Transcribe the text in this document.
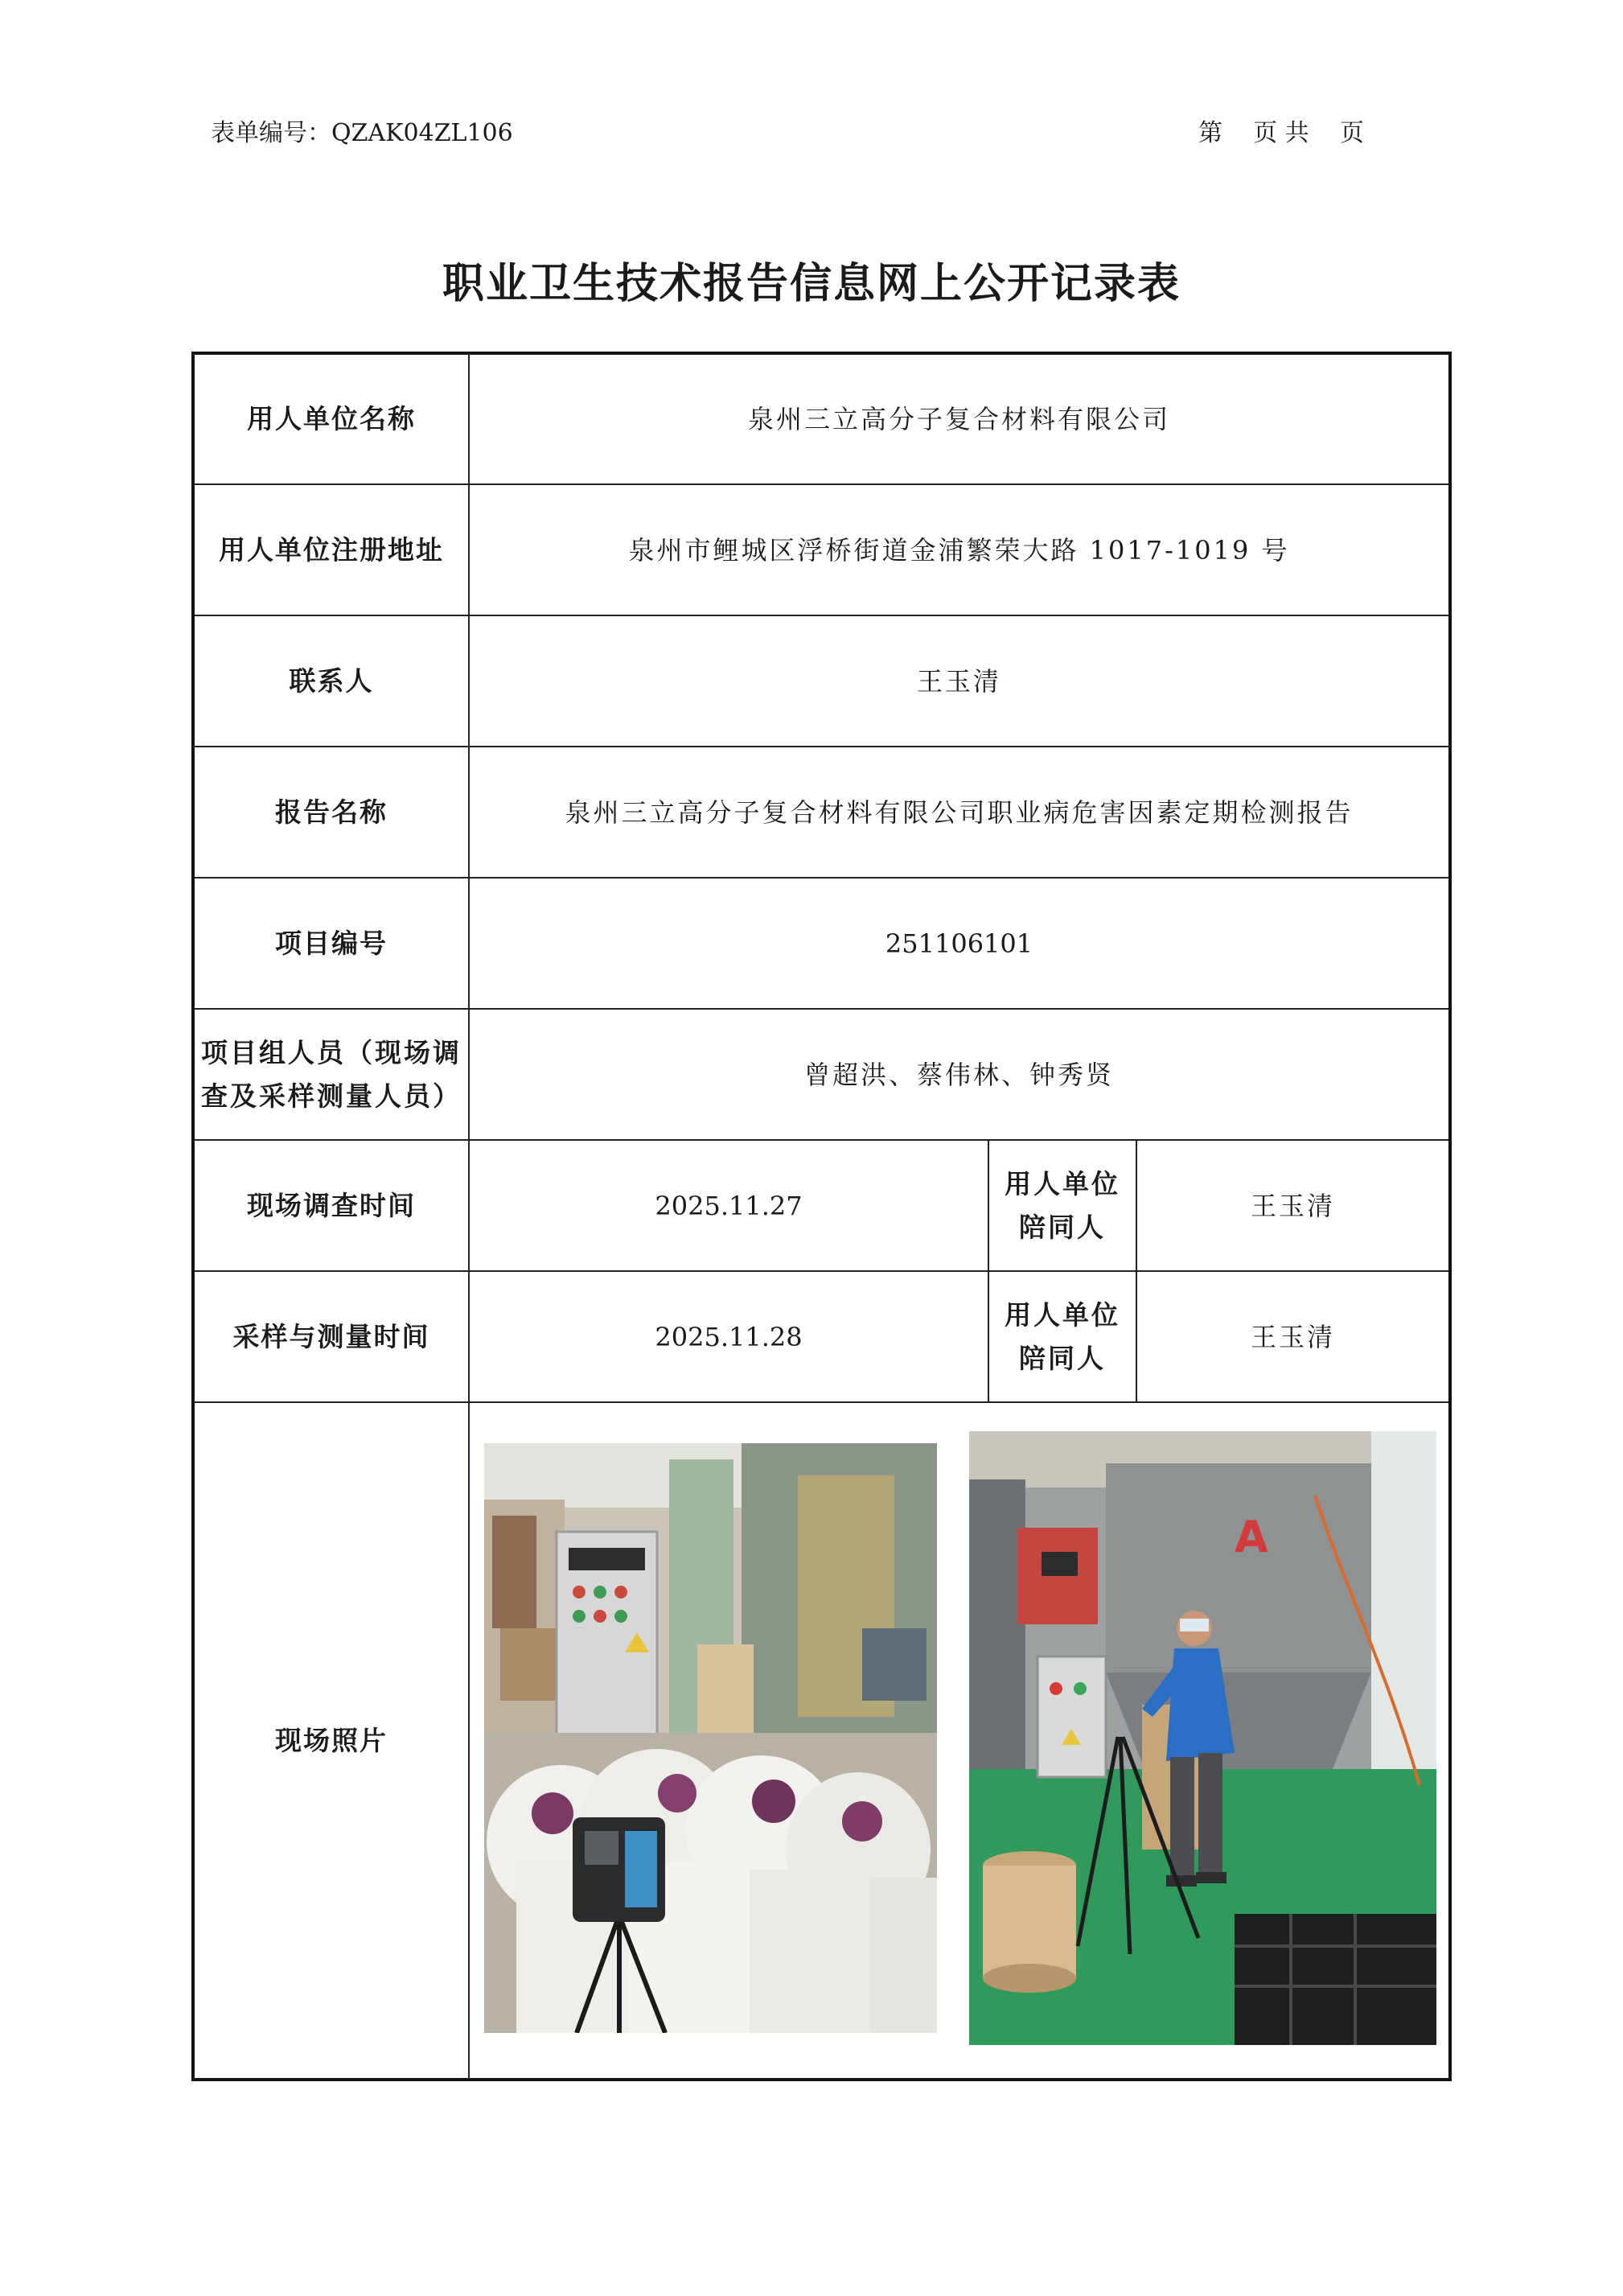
表单编号：QZAK04ZL106	第    页 共    页
职业卫生技术报告信息网上公开记录表
用人单位名称	泉州三立高分子复合材料有限公司		
用人单位注册地址	泉州市鲤城区浮桥街道金浦繁荣大路 1017-1019 号		
联系人	王玉清		
报告名称	泉州三立高分子复合材料有限公司职业病危害因素定期检测报告		
项目编号	251106101		

项目组人员（现场调
查及采样测量人员）	曾超洪、蔡伟林、钟秀贤		
现场调查时间	2025.11.27	用人单位
陪同人	王玉清
采样与测量时间	2025.11.28	用人单位
陪同人	王玉清
现场照片	A		
